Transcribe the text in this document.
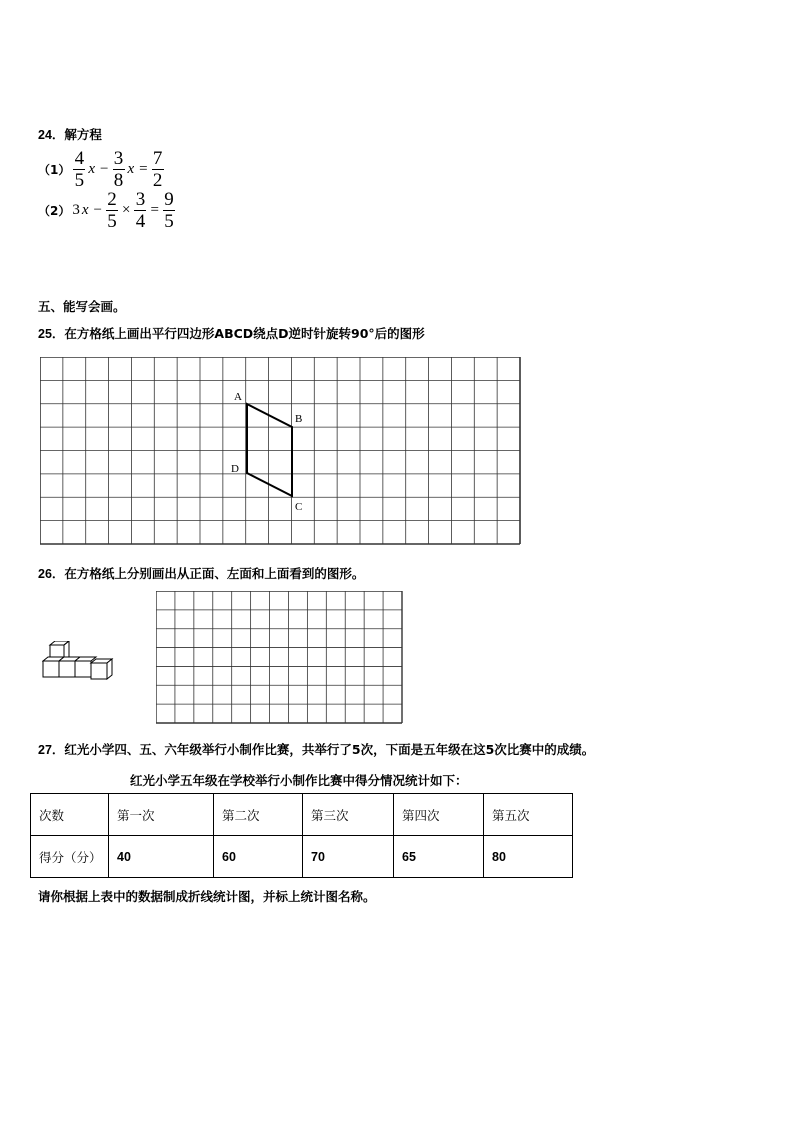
24．解方程
$(1) \frac{4}{5}$ $x - \frac{3}{8}$ $x = \frac{7}{2}$
（2） 3 $x - \frac{2}{5} \times \frac{3}{4} = \frac{9}{5}$
五、能写会画。
25．在方格纸上画出平行四边形ABCD绕点D逆时针旋转90°后的图形
A
B
C
D
26．在方格纸上分别画出从正面、左面和上面看到的图形。
27．红光小学四、五、六年级举行小制作比赛，共举行了5次，下面是五年级在这5次比赛中的成绩。
红光小学五年级在学校举行小制作比赛中得分情况统计如下：
次数	第一次	第二次	第三次	第四次	第五次
得分（分）	40	60	70	65	80
请你根据上表中的数据制成折线统计图，并标上统计图名称。
